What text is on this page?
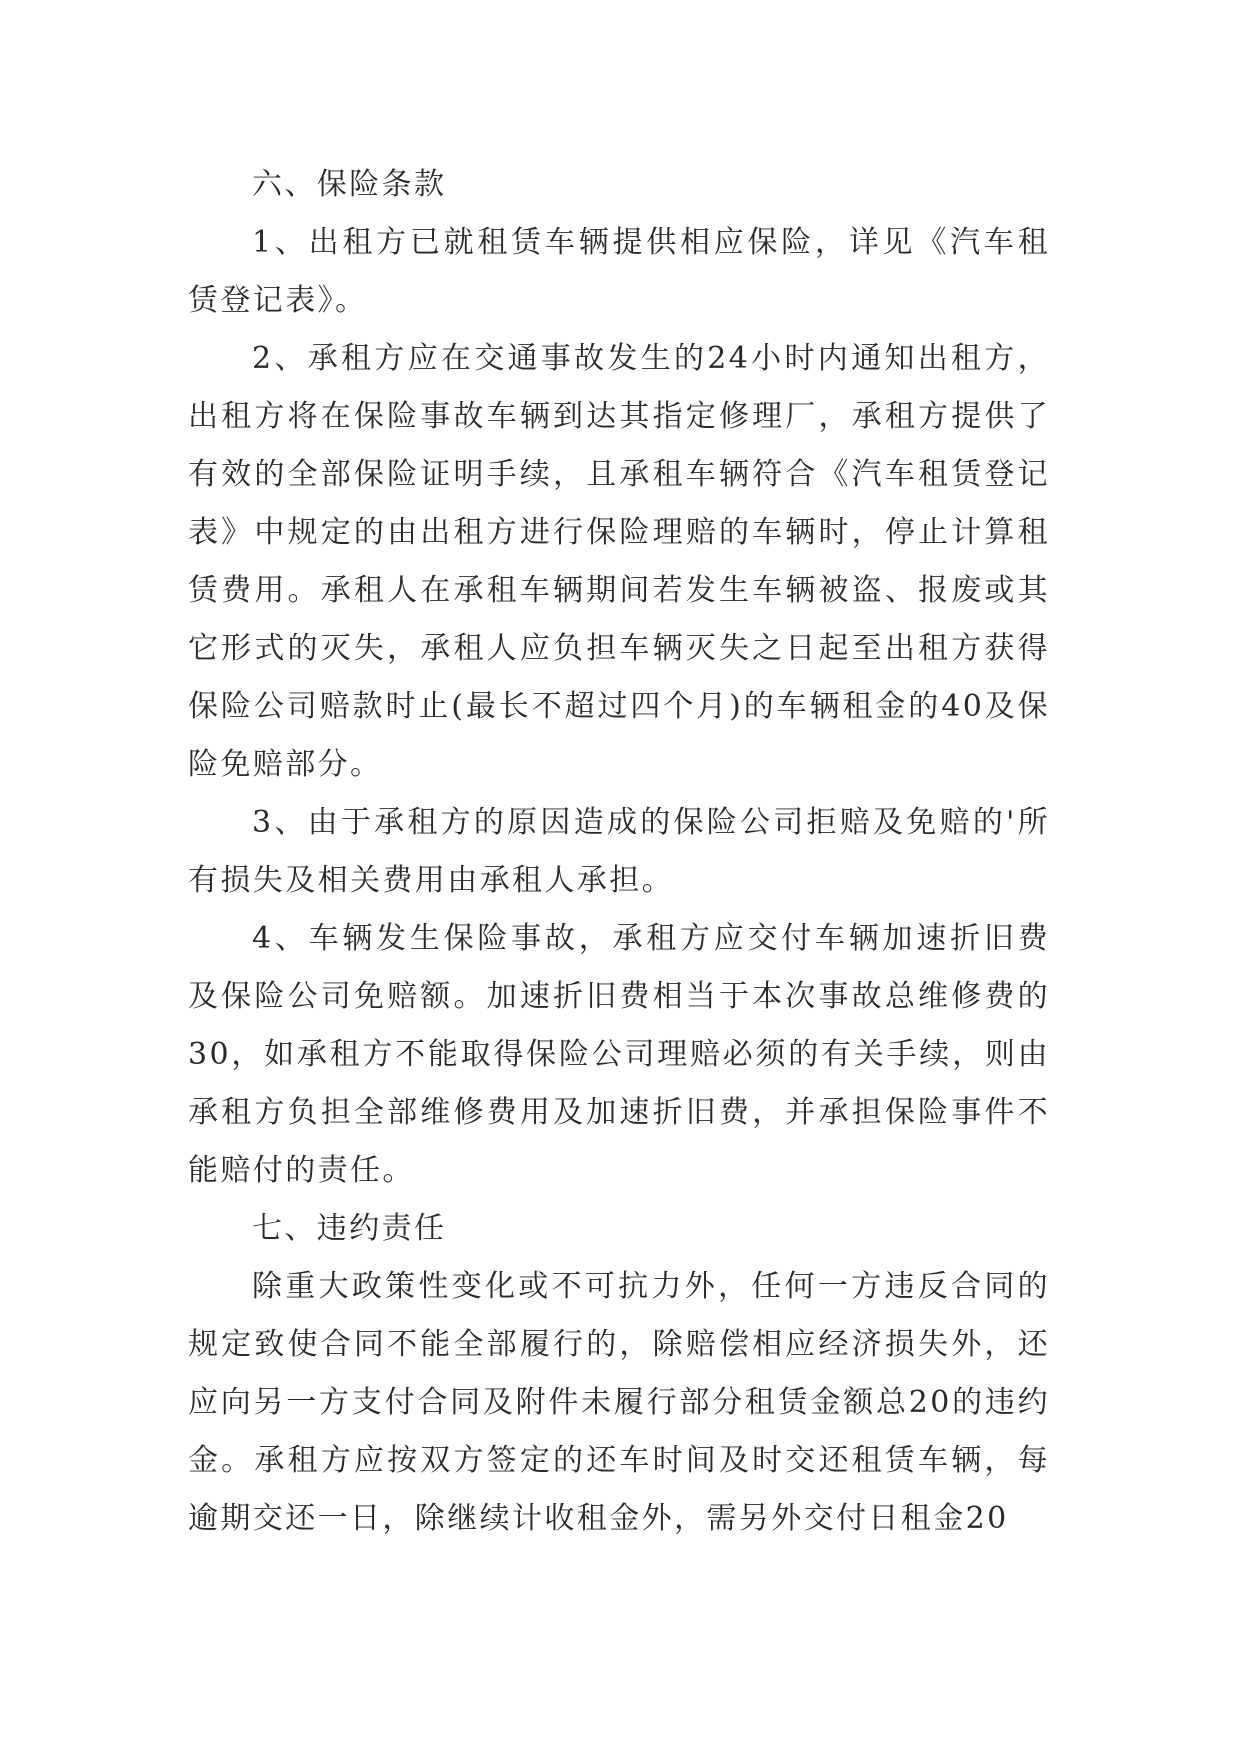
六、保险条款

1、出租方已就租赁车辆提供相应保险，详见《汽车租赁登记表》。

2、承租方应在交通事故发生的24小时内通知出租方，出租方将在保险事故车辆到达其指定修理厂，承租方提供了有效的全部保险证明手续，且承租车辆符合《汽车租赁登记表》中规定的由出租方进行保险理赔的车辆时，停止计算租赁费用。承租人在承租车辆期间若发生车辆被盗、报废或其它形式的灭失，承租人应负担车辆灭失之日起至出租方获得保险公司赔款时止(最长不超过四个月)的车辆租金的40及保险免赔部分。

3、由于承租方的原因造成的保险公司拒赔及免赔的'所有损失及相关费用由承租人承担。

4、车辆发生保险事故，承租方应交付车辆加速折旧费及保险公司免赔额。加速折旧费相当于本次事故总维修费的30，如承租方不能取得保险公司理赔必须的有关手续，则由承租方负担全部维修费用及加速折旧费，并承担保险事件不能赔付的责任。

七、违约责任

除重大政策性变化或不可抗力外，任何一方违反合同的规定致使合同不能全部履行的，除赔偿相应经济损失外，还应向另一方支付合同及附件未履行部分租赁金额总20的违约金。承租方应按双方签定的还车时间及时交还租赁车辆，每逾期交还一日，除继续计收租金外，需另外交付日租金20
